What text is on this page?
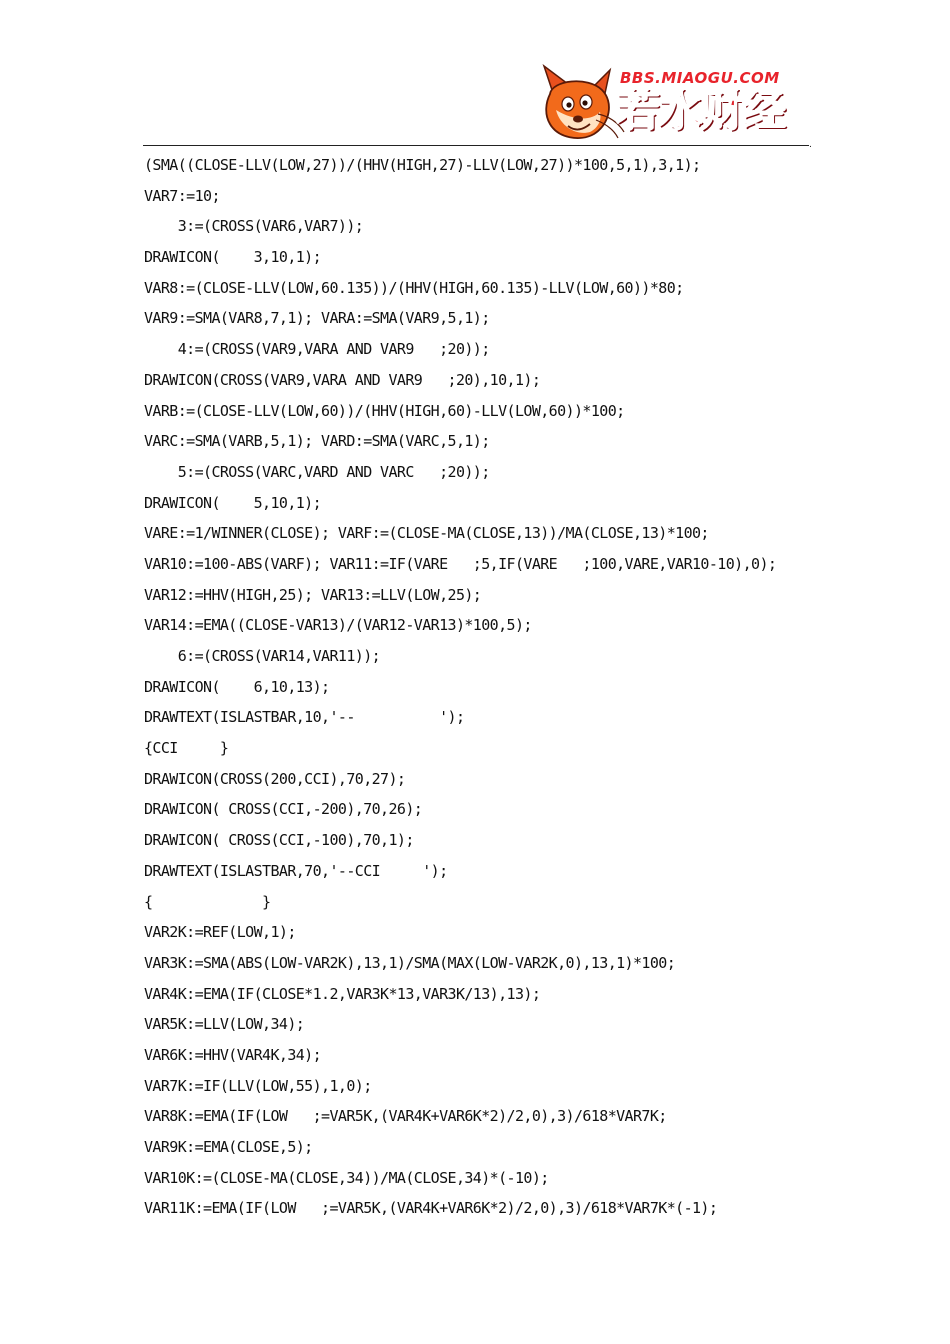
BBS.MIAOGU.COM
若水财经
.
(SMA((CLOSE-LLV(LOW,27))/(HHV(HIGH,27)-LLV(LOW,27))*100,5,1),3,1);
VAR7:=10;
3:=(CROSS(VAR6,VAR7));
DRAWICON(    3,10,1);
VAR8:=(CLOSE-LLV(LOW,60.135))/(HHV(HIGH,60.135)-LLV(LOW,60))*80;
VAR9:=SMA(VAR8,7,1); VARA:=SMA(VAR9,5,1);
4:=(CROSS(VAR9,VARA AND VAR9   ;20));
DRAWICON(CROSS(VAR9,VARA AND VAR9   ;20),10,1);
VARB:=(CLOSE-LLV(LOW,60))/(HHV(HIGH,60)-LLV(LOW,60))*100;
VARC:=SMA(VARB,5,1); VARD:=SMA(VARC,5,1);
5:=(CROSS(VARC,VARD AND VARC   ;20));
DRAWICON(    5,10,1);
VARE:=1/WINNER(CLOSE); VARF:=(CLOSE-MA(CLOSE,13))/MA(CLOSE,13)*100;
VAR10:=100-ABS(VARF); VAR11:=IF(VARE   ;5,IF(VARE   ;100,VARE,VAR10-10),0);
VAR12:=HHV(HIGH,25); VAR13:=LLV(LOW,25);
VAR14:=EMA((CLOSE-VAR13)/(VAR12-VAR13)*100,5);
6:=(CROSS(VAR14,VAR11));
DRAWICON(    6,10,13);
DRAWTEXT(ISLASTBAR,10,'--          ');
{CCI     }
DRAWICON(CROSS(200,CCI),70,27);
DRAWICON( CROSS(CCI,-200),70,26);
DRAWICON( CROSS(CCI,-100),70,1);
DRAWTEXT(ISLASTBAR,70,'--CCI     ');
{             }
VAR2K:=REF(LOW,1);
VAR3K:=SMA(ABS(LOW-VAR2K),13,1)/SMA(MAX(LOW-VAR2K,0),13,1)*100;
VAR4K:=EMA(IF(CLOSE*1.2,VAR3K*13,VAR3K/13),13);
VAR5K:=LLV(LOW,34);
VAR6K:=HHV(VAR4K,34);
VAR7K:=IF(LLV(LOW,55),1,0);
VAR8K:=EMA(IF(LOW   ;=VAR5K,(VAR4K+VAR6K*2)/2,0),3)/618*VAR7K;
VAR9K:=EMA(CLOSE,5);
VAR10K:=(CLOSE-MA(CLOSE,34))/MA(CLOSE,34)*(-10);
VAR11K:=EMA(IF(LOW   ;=VAR5K,(VAR4K+VAR6K*2)/2,0),3)/618*VAR7K*(-1);
